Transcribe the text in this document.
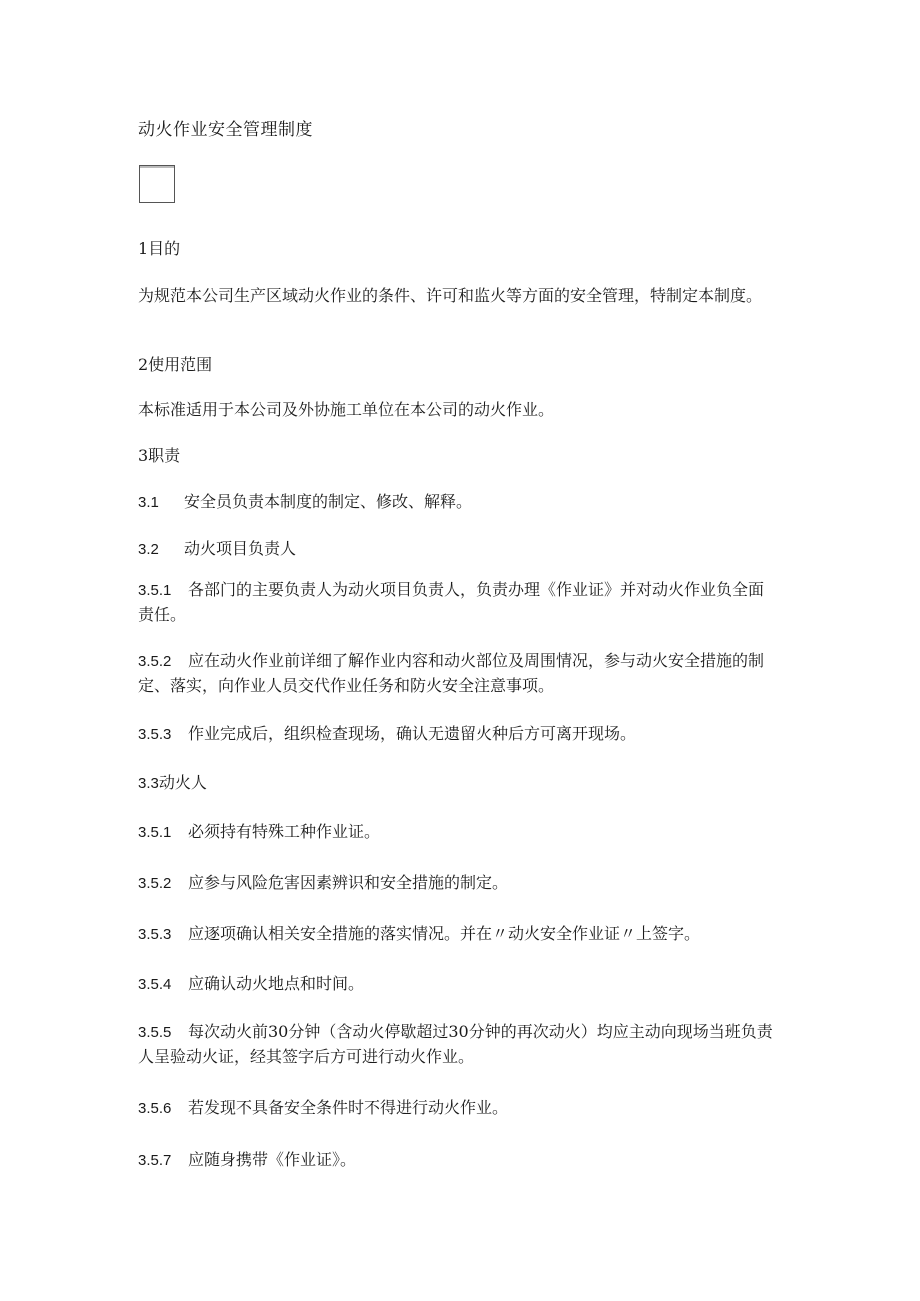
动火作业安全管理制度
1目的
为规范本公司生产区域动火作业的条件、许可和监火等方面的安全管理，特制定本制度。
2使用范围
本标准适用于本公司及外协施工单位在本公司的动火作业。
3职责
3.1 安全员负责本制度的制定、修改、解释。
3.2 动火项目负责人
3.5.1 各部门的主要负责人为动火项目负责人，负责办理《作业证》并对动火作业负全面责任。
3.5.2 应在动火作业前详细了解作业内容和动火部位及周围情况，参与动火安全措施的制定、落实，向作业人员交代作业任务和防火安全注意事项。
3.5.3 作业完成后，组织检查现场，确认无遗留火种后方可离开现场。
3.3动火人
3.5.1 必须持有特殊工种作业证。
3.5.2 应参与风险危害因素辨识和安全措施的制定。
3.5.3 应逐项确认相关安全措施的落实情况。并在〃动火安全作业证〃上签字。
3.5.4 应确认动火地点和时间。
3.5.5 每次动火前30分钟（含动火停歇超过30分钟的再次动火）均应主动向现场当班负责人呈验动火证，经其签字后方可进行动火作业。
3.5.6 若发现不具备安全条件时不得进行动火作业。
3.5.7 应随身携带《作业证》。
